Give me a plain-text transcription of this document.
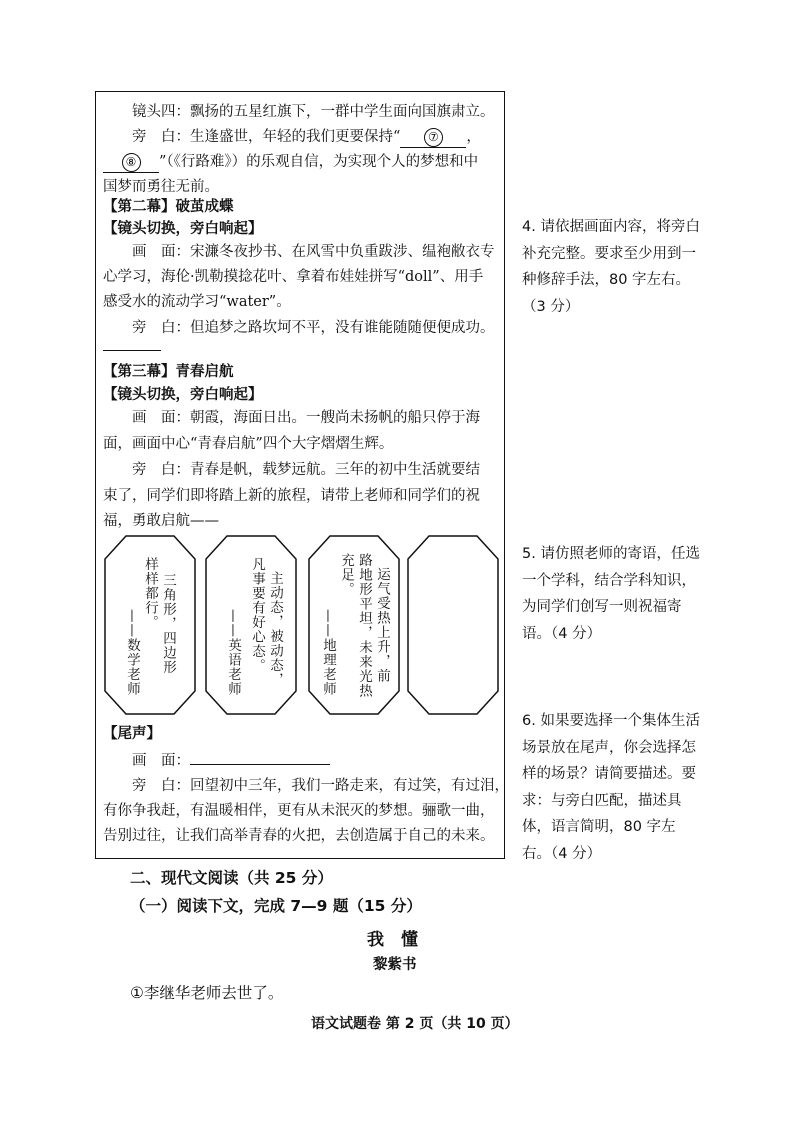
镜头四：飘扬的五星红旗下，一群中学生面向国旗肃立。
旁　白：生逢盛世，年轻的我们更要保持“ ⑦ ，
⑧ ”（《行路难》）的乐观自信，为实现个人的梦想和中
国梦而勇往无前。
【第二幕】破茧成蝶
【镜头切换，旁白响起】
画　面：宋濂冬夜抄书、在风雪中负重跋涉、缊袍敝衣专
心学习，海伦·凯勒摸捻花叶、拿着布娃娃拼写“doll”、用手
感受水的流动学习“water”。
旁　白：但追梦之路坎坷不平，没有谁能随随便便成功。
【第三幕】青春启航
【镜头切换，旁白响起】
画　面：朝霞，海面日出。一艘尚未扬帆的船只停于海
面，画面中心“青春启航”四个大字熠熠生辉。
旁　白：青春是帆，载梦远航。三年的初中生活就要结
束了，同学们即将踏上新的旅程，请带上老师和同学们的祝
福，勇敢启航——
三角形，四边形
样样都行。
——数学老师	主动态，被动态，
凡事要有好心态。
——英语老师	运气受热上升，前
路地形平坦，未来光热
充足。
——地理老师
【尾声】
画　面：
旁　白：回望初中三年，我们一路走来，有过笑，有过泪，
有你争我赶，有温暖相伴，更有从未泯灭的梦想。骊歌一曲，
告别过往，让我们高举青春的火把，去创造属于自己的未来。
4. 请依据画面内容，将旁白补充完整。要求至少用到一种修辞手法，80 字左右。（3 分）
5. 请仿照老师的寄语，任选一个学科，结合学科知识，为同学们创写一则祝福寄语。（4 分）
6. 如果要选择一个集体生活场景放在尾声，你会选择怎样的场景？请简要描述。要求：与旁白匹配，描述具体，语言简明，80 字左右。（4 分）
二、现代文阅读（共 25 分）
（一）阅读下文，完成 7—9 题（15 分）
我　懂
黎紫书
①李继华老师去世了。
语文试题卷 第 2 页（共 10 页）
